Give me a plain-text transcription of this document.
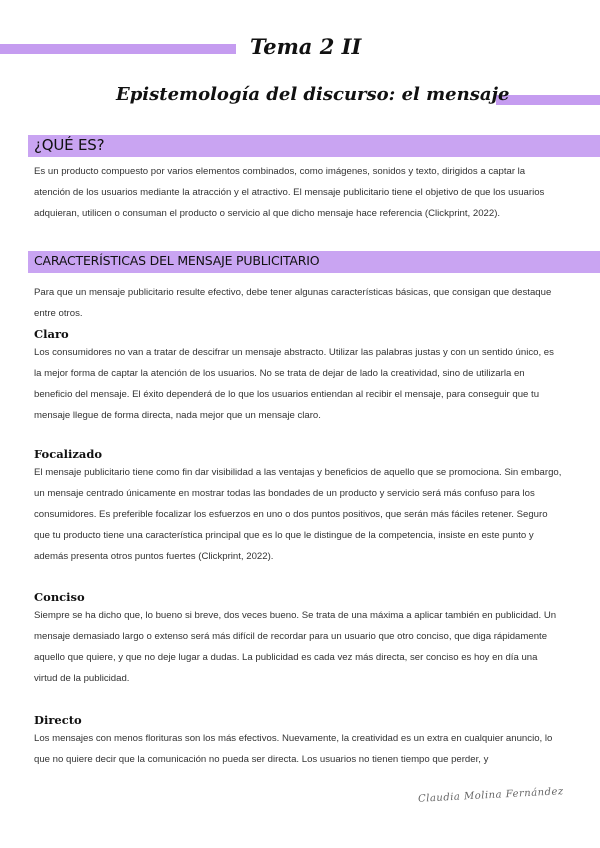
Tema 2 II
Epistemología del discurso: el mensaje
¿QUÉ ES?
Es un producto compuesto por varios elementos combinados, como imágenes, sonidos y texto, dirigidos a captar la atención de los usuarios mediante la atracción y el atractivo. El mensaje publicitario tiene el objetivo de que los usuarios adquieran, utilicen o consuman el producto o servicio al que dicho mensaje hace referencia (Clickprint, 2022).
CARACTERÍSTICAS DEL MENSAJE PUBLICITARIO
Para que un mensaje publicitario resulte efectivo, debe tener algunas características básicas, que consigan que destaque entre otros.
Claro
Los consumidores no van a tratar de descifrar un mensaje abstracto. Utilizar las palabras justas y con un sentido único, es la mejor forma de captar la atención de los usuarios. No se trata de dejar de lado la creatividad, sino de utilizarla en beneficio del mensaje. El éxito dependerá de lo que los usuarios entiendan al recibir el mensaje, para conseguir que tu mensaje llegue de forma directa, nada mejor que un mensaje claro.
Focalizado
El mensaje publicitario tiene como fin dar visibilidad a las ventajas y beneficios de aquello que se promociona. Sin embargo, un mensaje centrado únicamente en mostrar todas las bondades de un producto y servicio será más confuso para los consumidores. Es preferible focalizar los esfuerzos en uno o dos puntos positivos, que serán más fáciles retener. Seguro que tu producto tiene una característica principal que es lo que le distingue de la competencia, insiste en este punto y además presenta otros puntos fuertes (Clickprint, 2022).
Conciso
Siempre se ha dicho que, lo bueno si breve, dos veces bueno. Se trata de una máxima a aplicar también en publicidad. Un mensaje demasiado largo o extenso será más difícil de recordar para un usuario que otro conciso, que diga rápidamente aquello que quiere, y que no deje lugar a dudas. La publicidad es cada vez más directa, ser conciso es hoy en día una virtud de la publicidad.
Directo
Los mensajes con menos florituras son los más efectivos. Nuevamente, la creatividad es un extra en cualquier anuncio, lo que no quiere decir que la comunicación no pueda ser directa. Los usuarios no tienen tiempo que perder, y
Claudia Molina Fernández
